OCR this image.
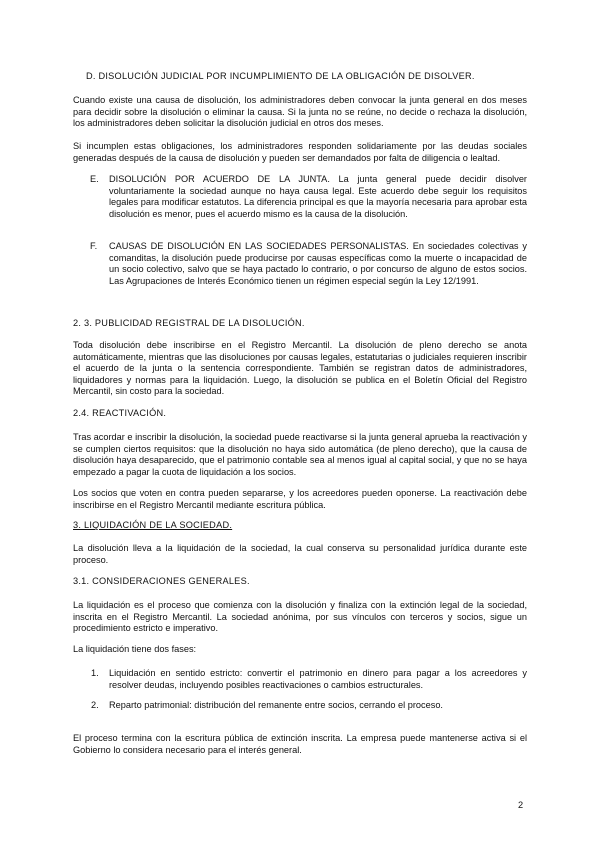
D. DISOLUCIÓN JUDICIAL POR INCUMPLIMIENTO DE LA OBLIGACIÓN DE DISOLVER.

Cuando existe una causa de disolución, los administradores deben convocar la junta general en dos meses para decidir sobre la disolución o eliminar la causa. Si la junta no se reúne, no decide o rechaza la disolución, los administradores deben solicitar la disolución judicial en otros dos meses.

Si incumplen estas obligaciones, los administradores responden solidariamente por las deudas sociales generadas después de la causa de disolución y pueden ser demandados por falta de diligencia o lealtad.

E. DISOLUCIÓN POR ACUERDO DE LA JUNTA. La junta general puede decidir disolver voluntariamente la sociedad aunque no haya causa legal. Este acuerdo debe seguir los requisitos legales para modificar estatutos. La diferencia principal es que la mayoría necesaria para aprobar esta disolución es menor, pues el acuerdo mismo es la causa de la disolución.

F. CAUSAS DE DISOLUCIÓN EN LAS SOCIEDADES PERSONALISTAS. En sociedades colectivas y comanditas, la disolución puede producirse por causas específicas como la muerte o incapacidad de un socio colectivo, salvo que se haya pactado lo contrario, o por concurso de alguno de estos socios. Las Agrupaciones de Interés Económico tienen un régimen especial según la Ley 12/1991.

2. 3. PUBLICIDAD REGISTRAL DE LA DISOLUCIÓN.

Toda disolución debe inscribirse en el Registro Mercantil. La disolución de pleno derecho se anota automáticamente, mientras que las disoluciones por causas legales, estatutarias o judiciales requieren inscribir el acuerdo de la junta o la sentencia correspondiente. También se registran datos de administradores, liquidadores y normas para la liquidación. Luego, la disolución se publica en el Boletín Oficial del Registro Mercantil, sin costo para la sociedad.

2.4. REACTIVACIÓN.

Tras acordar e inscribir la disolución, la sociedad puede reactivarse si la junta general aprueba la reactivación y se cumplen ciertos requisitos: que la disolución no haya sido automática (de pleno derecho), que la causa de disolución haya desaparecido, que el patrimonio contable sea al menos igual al capital social, y que no se haya empezado a pagar la cuota de liquidación a los socios.

Los socios que voten en contra pueden separarse, y los acreedores pueden oponerse. La reactivación debe inscribirse en el Registro Mercantil mediante escritura pública.

3. LIQUIDACIÓN DE LA SOCIEDAD.

La disolución lleva a la liquidación de la sociedad, la cual conserva su personalidad jurídica durante este proceso.

3.1. CONSIDERACIONES GENERALES.

La liquidación es el proceso que comienza con la disolución y finaliza con la extinción legal de la sociedad, inscrita en el Registro Mercantil. La sociedad anónima, por sus vínculos con terceros y socios, sigue un procedimiento estricto e imperativo.

La liquidación tiene dos fases:

1. Liquidación en sentido estricto: convertir el patrimonio en dinero para pagar a los acreedores y resolver deudas, incluyendo posibles reactivaciones o cambios estructurales.

2. Reparto patrimonial: distribución del remanente entre socios, cerrando el proceso.

El proceso termina con la escritura pública de extinción inscrita. La empresa puede mantenerse activa si el Gobierno lo considera necesario para el interés general.

2
